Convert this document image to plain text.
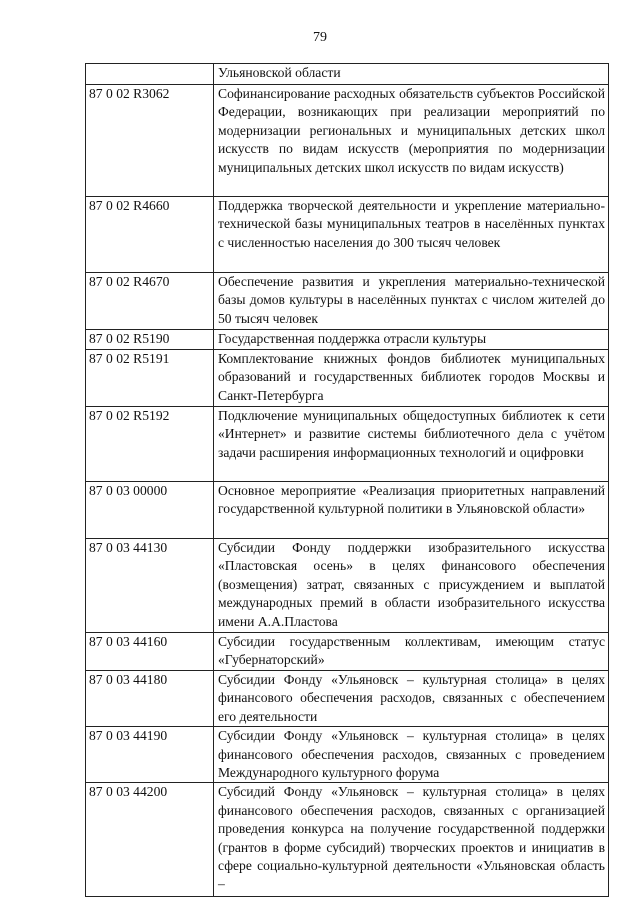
79
	Ульяновской области
87 0 02 R3062	Софинансирование расходных обязательств субъектов Российской Федерации, возникающих при реализации мероприятий по модернизации региональных и муниципальных детских школ искусств по видам искусств (мероприятия по модернизации муниципальных детских школ искусств по видам искусств)
87 0 02 R4660	Поддержка творческой деятельности и укрепление материально-технической базы муниципальных театров в населённых пунктах с численностью населения до 300 тысяч человек
87 0 02 R4670	Обеспечение развития и укрепления материально-технической базы домов культуры в населённых пунктах с числом жителей до 50 тысяч человек
87 0 02 R5190	Государственная поддержка отрасли культуры
87 0 02 R5191	Комплектование книжных фондов библиотек муниципальных образований и государственных библиотек городов Москвы и Санкт-Петербурга
87 0 02 R5192	Подключение муниципальных общедоступных библиотек к сети «Интернет» и развитие системы библиотечного дела с учётом задачи расширения информационных технологий и оцифровки
87 0 03 00000	Основное мероприятие «Реализация приоритетных направлений государственной культурной политики в Ульяновской области»
87 0 03 44130	Субсидии Фонду поддержки изобразительного искусства «Пластовская осень» в целях финансового обеспечения (возмещения) затрат, связанных с присуждением и выплатой международных премий в области изобразительного искусства имени А.А.Пластова
87 0 03 44160	Субсидии государственным коллективам, имеющим статус «Губернаторский»
87 0 03 44180	Субсидии Фонду «Ульяновск – культурная столица» в целях финансового обеспечения расходов, связанных с обеспечением его деятельности
87 0 03 44190	Субсидии Фонду «Ульяновск – культурная столица» в целях финансового обеспечения расходов, связанных с проведением Международного культурного форума
87 0 03 44200	Субсидий Фонду «Ульяновск – культурная столица» в целях финансового обеспечения расходов, связанных с организацией проведения конкурса на получение государственной поддержки (грантов в форме субсидий) творческих проектов и инициатив в сфере социально-культурной деятельности «Ульяновская область –
